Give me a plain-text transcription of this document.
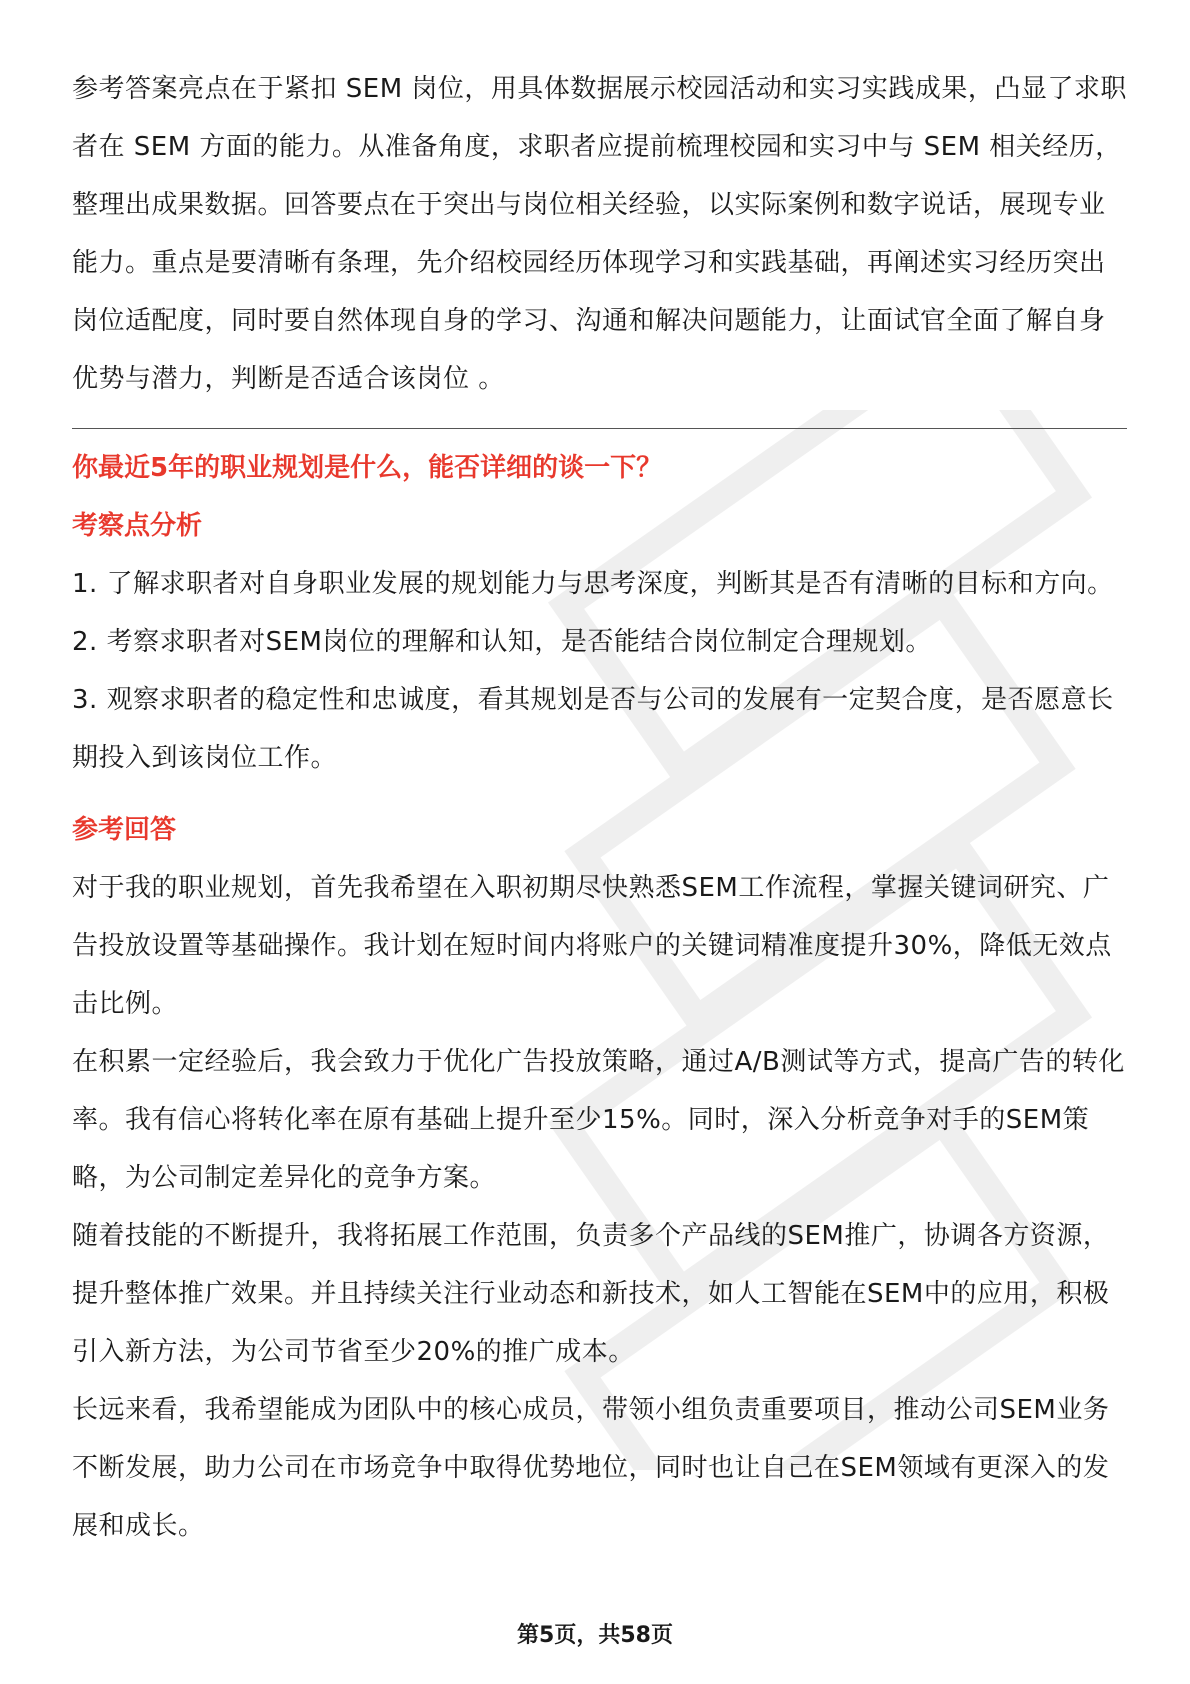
参考答案亮点在于紧扣 SEM 岗位，用具体数据展示校园活动和实习实践成果，凸显了求职者在 SEM 方面的能力。从准备角度，求职者应提前梳理校园和实习中与 SEM 相关经历，整理出成果数据。回答要点在于突出与岗位相关经验，以实际案例和数字说话，展现专业能力。重点是要清晰有条理，先介绍校园经历体现学习和实践基础，再阐述实习经历突出岗位适配度，同时要自然体现自身的学习、沟通和解决问题能力，让面试官全面了解自身优势与潜力，判断是否适合该岗位 。

你最近5年的职业规划是什么，能否详细的谈一下？

考察点分析

1. 了解求职者对自身职业发展的规划能力与思考深度，判断其是否有清晰的目标和方向。

2. 考察求职者对SEM岗位的理解和认知，是否能结合岗位制定合理规划。

3. 观察求职者的稳定性和忠诚度，看其规划是否与公司的发展有一定契合度，是否愿意长期投入到该岗位工作。

参考回答

对于我的职业规划，首先我希望在入职初期尽快熟悉SEM工作流程，掌握关键词研究、广告投放设置等基础操作。我计划在短时间内将账户的关键词精准度提升30%，降低无效点击比例。

在积累一定经验后，我会致力于优化广告投放策略，通过A/B测试等方式，提高广告的转化率。我有信心将转化率在原有基础上提升至少15%。同时，深入分析竞争对手的SEM策略，为公司制定差异化的竞争方案。

随着技能的不断提升，我将拓展工作范围，负责多个产品线的SEM推广，协调各方资源，提升整体推广效果。并且持续关注行业动态和新技术，如人工智能在SEM中的应用，积极引入新方法，为公司节省至少20%的推广成本。

长远来看，我希望能成为团队中的核心成员，带领小组负责重要项目，推动公司SEM业务不断发展，助力公司在市场竞争中取得优势地位，同时也让自己在SEM领域有更深入的发展和成长。

第5页，共58页
